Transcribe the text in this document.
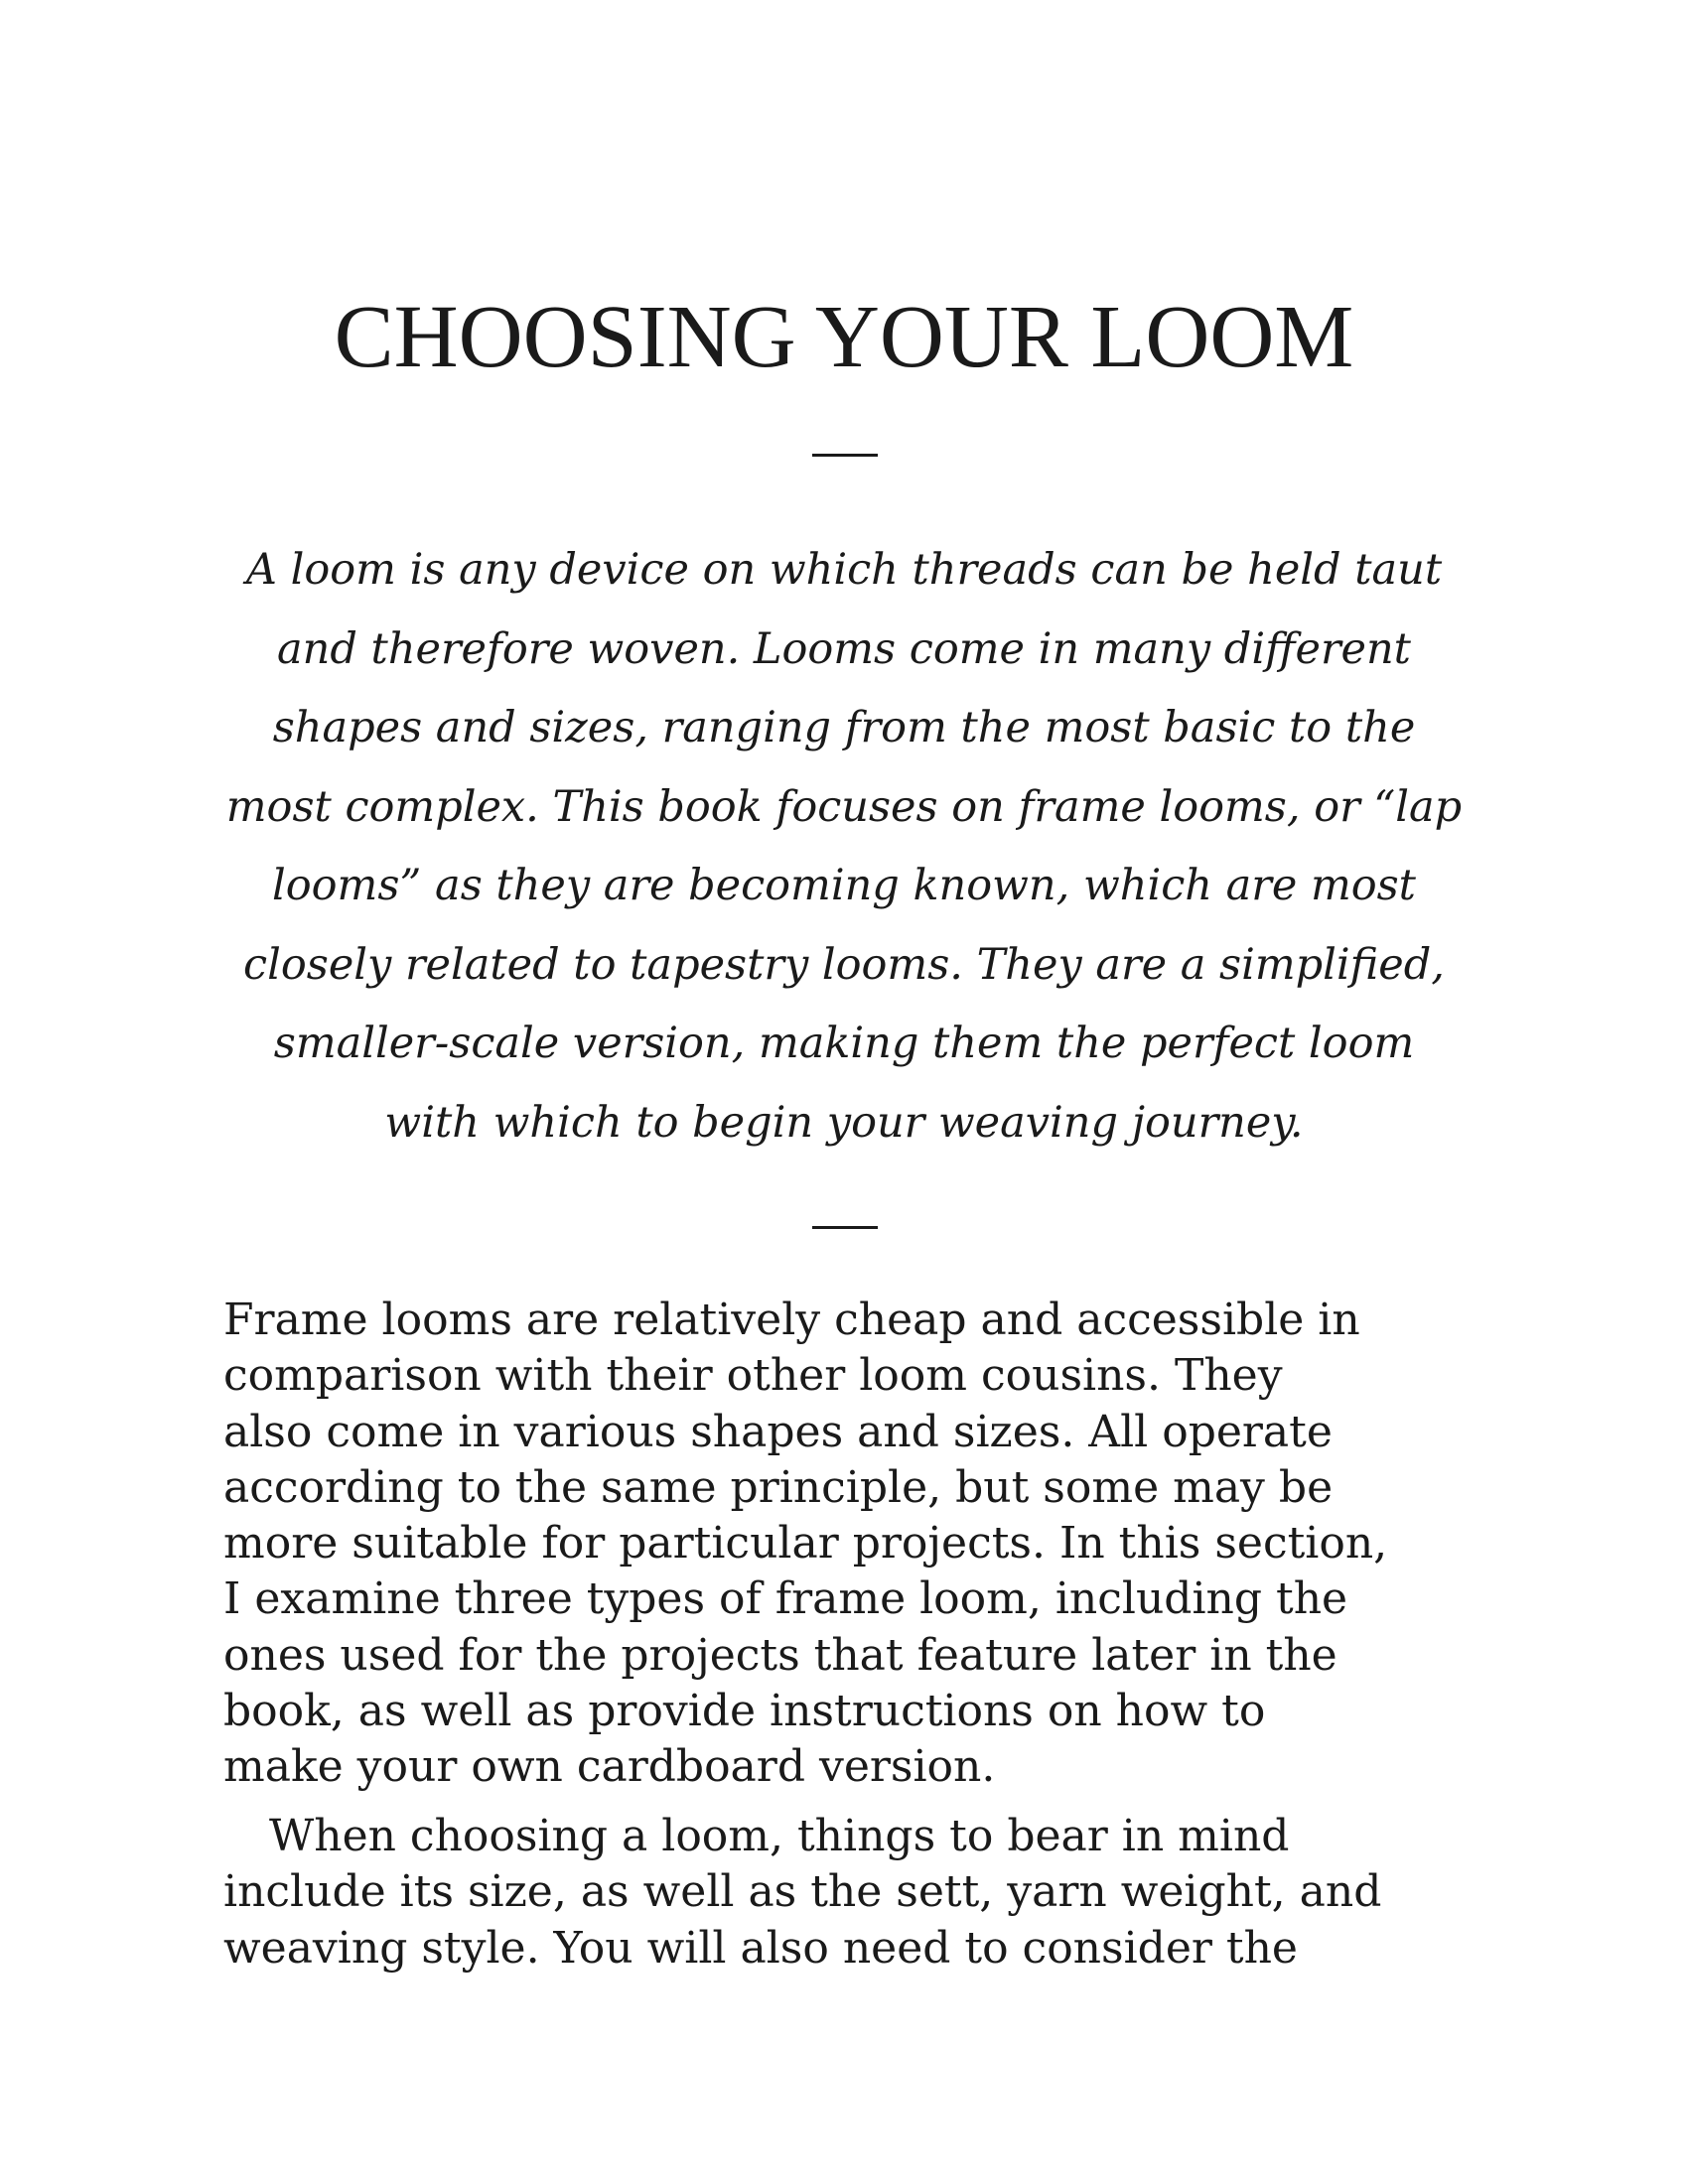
CHOOSING YOUR LOOM

A loom is any device on which threads can be held taut
and therefore woven. Looms come in many different
shapes and sizes, ranging from the most basic to the
most complex. This book focuses on frame looms, or “lap
looms” as they are becoming known, which are most
closely related to tapestry looms. They are a simplified,
smaller-scale version, making them the perfect loom
with which to begin your weaving journey.

Frame looms are relatively cheap and accessible in
comparison with their other loom cousins. They
also come in various shapes and sizes. All operate
according to the same principle, but some may be
more suitable for particular projects. In this section,
I examine three types of frame loom, including the
ones used for the projects that feature later in the
book, as well as provide instructions on how to
make your own cardboard version.

When choosing a loom, things to bear in mind
include its size, as well as the sett, yarn weight, and
weaving style. You will also need to consider the
